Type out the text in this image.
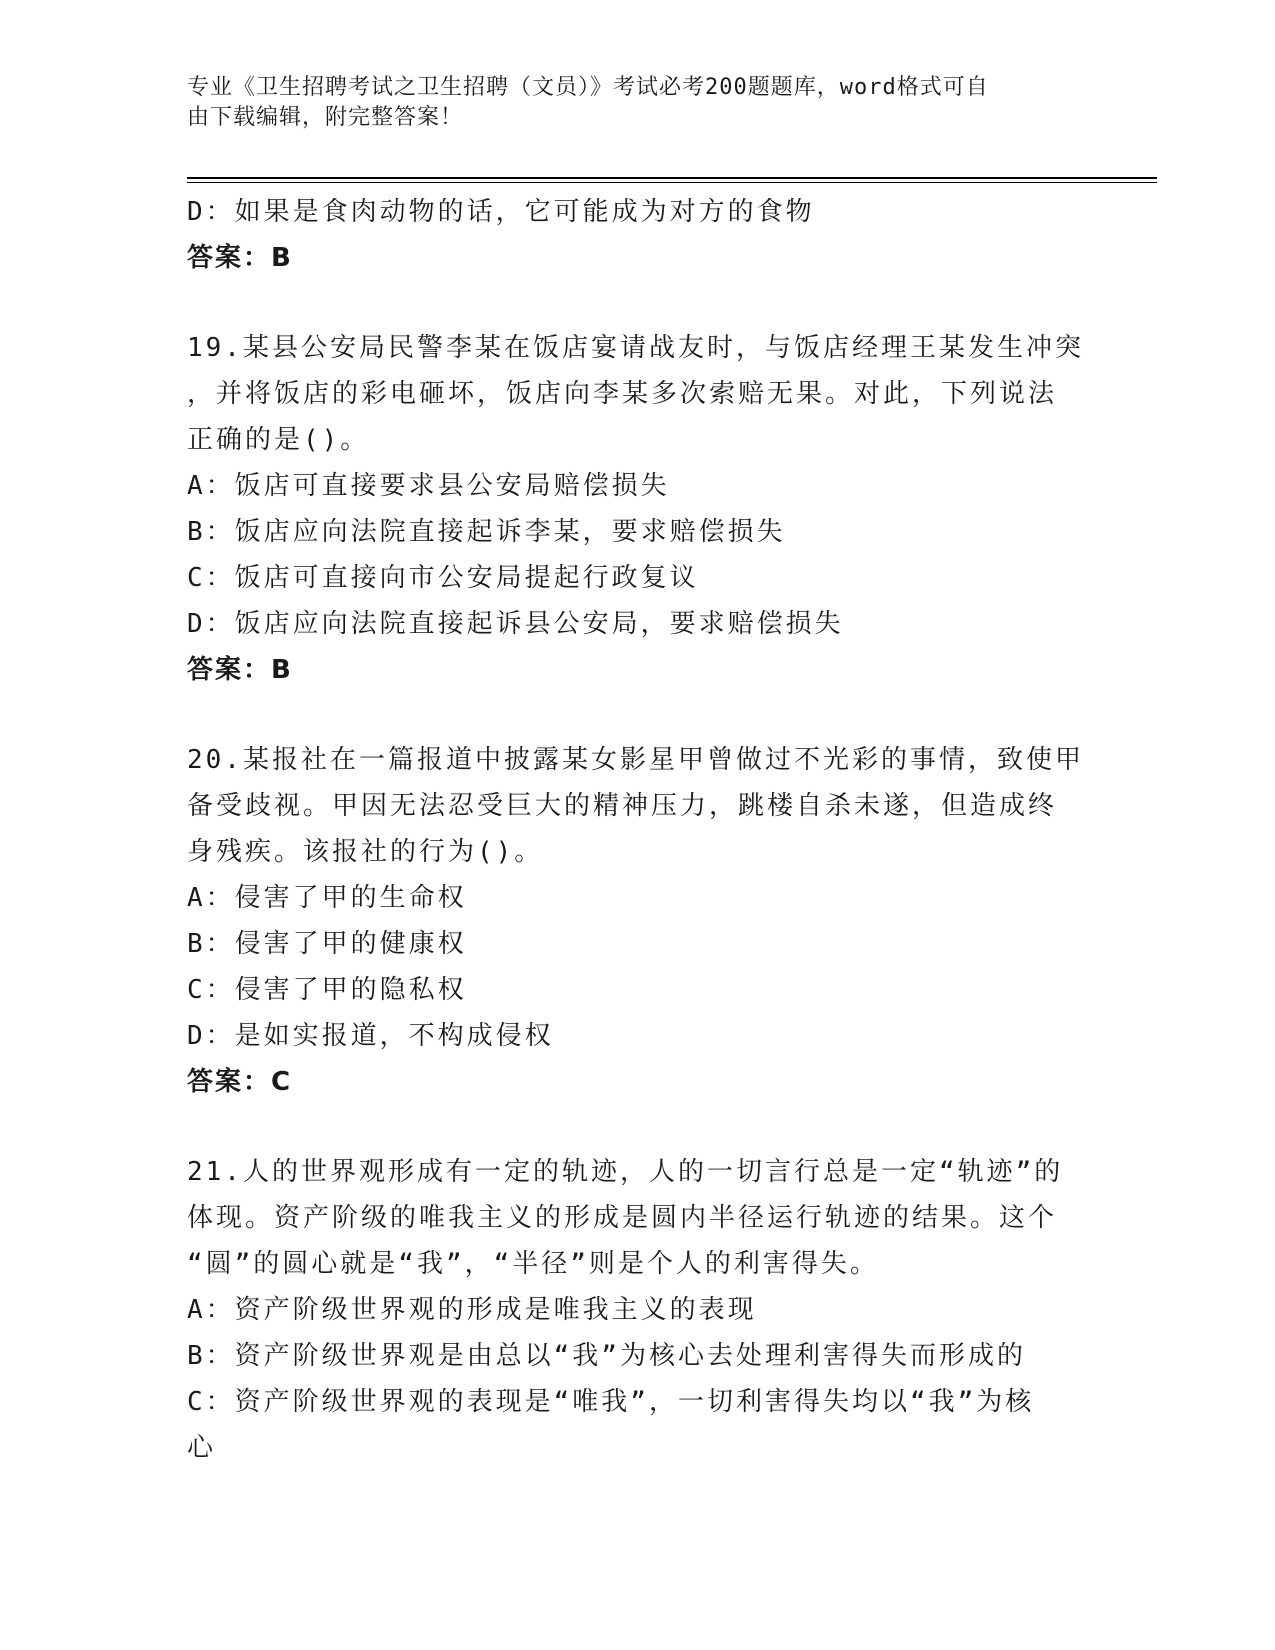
专业《卫生招聘考试之卫生招聘（文员）》考试必考200题题库，word格式可自
由下载编辑，附完整答案！
D：如果是食肉动物的话，它可能成为对方的食物
答案：B
19.某县公安局民警李某在饭店宴请战友时，与饭店经理王某发生冲突
，并将饭店的彩电砸坏，饭店向李某多次索赔无果。对此，下列说法
正确的是()。
A：饭店可直接要求县公安局赔偿损失
B：饭店应向法院直接起诉李某，要求赔偿损失
C：饭店可直接向市公安局提起行政复议
D：饭店应向法院直接起诉县公安局，要求赔偿损失
答案：B
20.某报社在一篇报道中披露某女影星甲曾做过不光彩的事情，致使甲
备受歧视。甲因无法忍受巨大的精神压力，跳楼自杀未遂，但造成终
身残疾。该报社的行为()。
A：侵害了甲的生命权
B：侵害了甲的健康权
C：侵害了甲的隐私权
D：是如实报道，不构成侵权
答案：C
21.人的世界观形成有一定的轨迹，人的一切言行总是一定“轨迹”的
体现。资产阶级的唯我主义的形成是圆内半径运行轨迹的结果。这个
“圆”的圆心就是“我”，“半径”则是个人的利害得失。
A：资产阶级世界观的形成是唯我主义的表现
B：资产阶级世界观是由总以“我”为核心去处理利害得失而形成的
C：资产阶级世界观的表现是“唯我”，一切利害得失均以“我”为核
心
